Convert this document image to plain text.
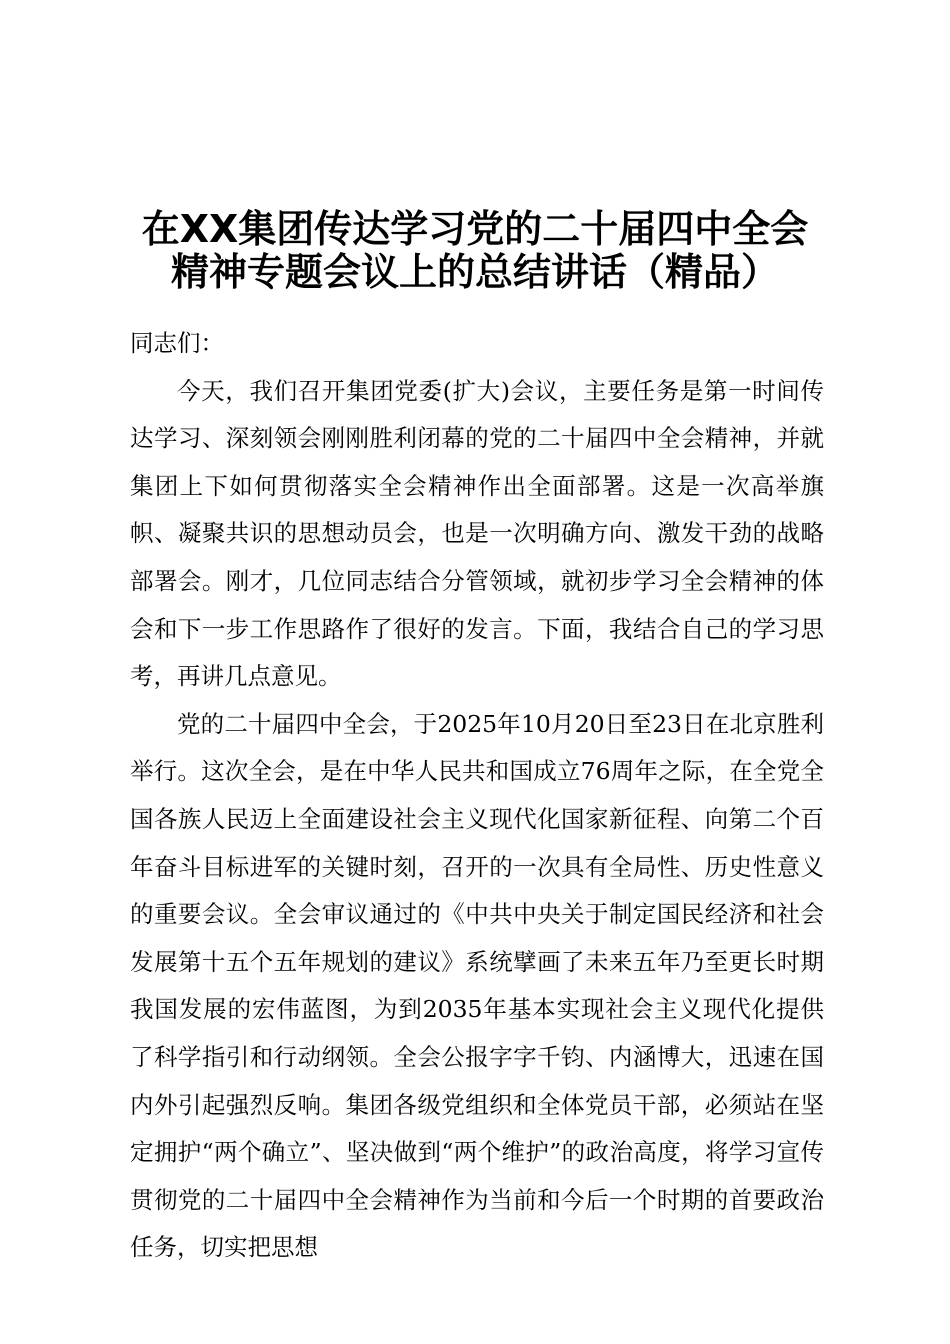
在XX集团传达学习党的二十届四中全会
精神专题会议上的总结讲话（精品）

同志们：

今天，我们召开集团党委(扩大)会议，主要任务是第一时间传达学习、深刻领会刚刚胜利闭幕的党的二十届四中全会精神，并就集团上下如何贯彻落实全会精神作出全面部署。这是一次高举旗帜、凝聚共识的思想动员会，也是一次明确方向、激发干劲的战略部署会。刚才，几位同志结合分管领域，就初步学习全会精神的体会和下一步工作思路作了很好的发言。下面，我结合自己的学习思考，再讲几点意见。

党的二十届四中全会，于2025年10月20日至23日在北京胜利举行。这次全会，是在中华人民共和国成立76周年之际，在全党全国各族人民迈上全面建设社会主义现代化国家新征程、向第二个百年奋斗目标进军的关键时刻，召开的一次具有全局性、历史性意义的重要会议。全会审议通过的《中共中央关于制定国民经济和社会发展第十五个五年规划的建议》系统擘画了未来五年乃至更长时期我国发展的宏伟蓝图，为到2035年基本实现社会主义现代化提供了科学指引和行动纲领。全会公报字字千钧、内涵博大，迅速在国内外引起强烈反响。集团各级党组织和全体党员干部，必须站在坚定拥护“两个确立”、坚决做到“两个维护”的政治高度，将学习宣传贯彻党的二十届四中全会精神作为当前和今后一个时期的首要政治任务，切实把思想
